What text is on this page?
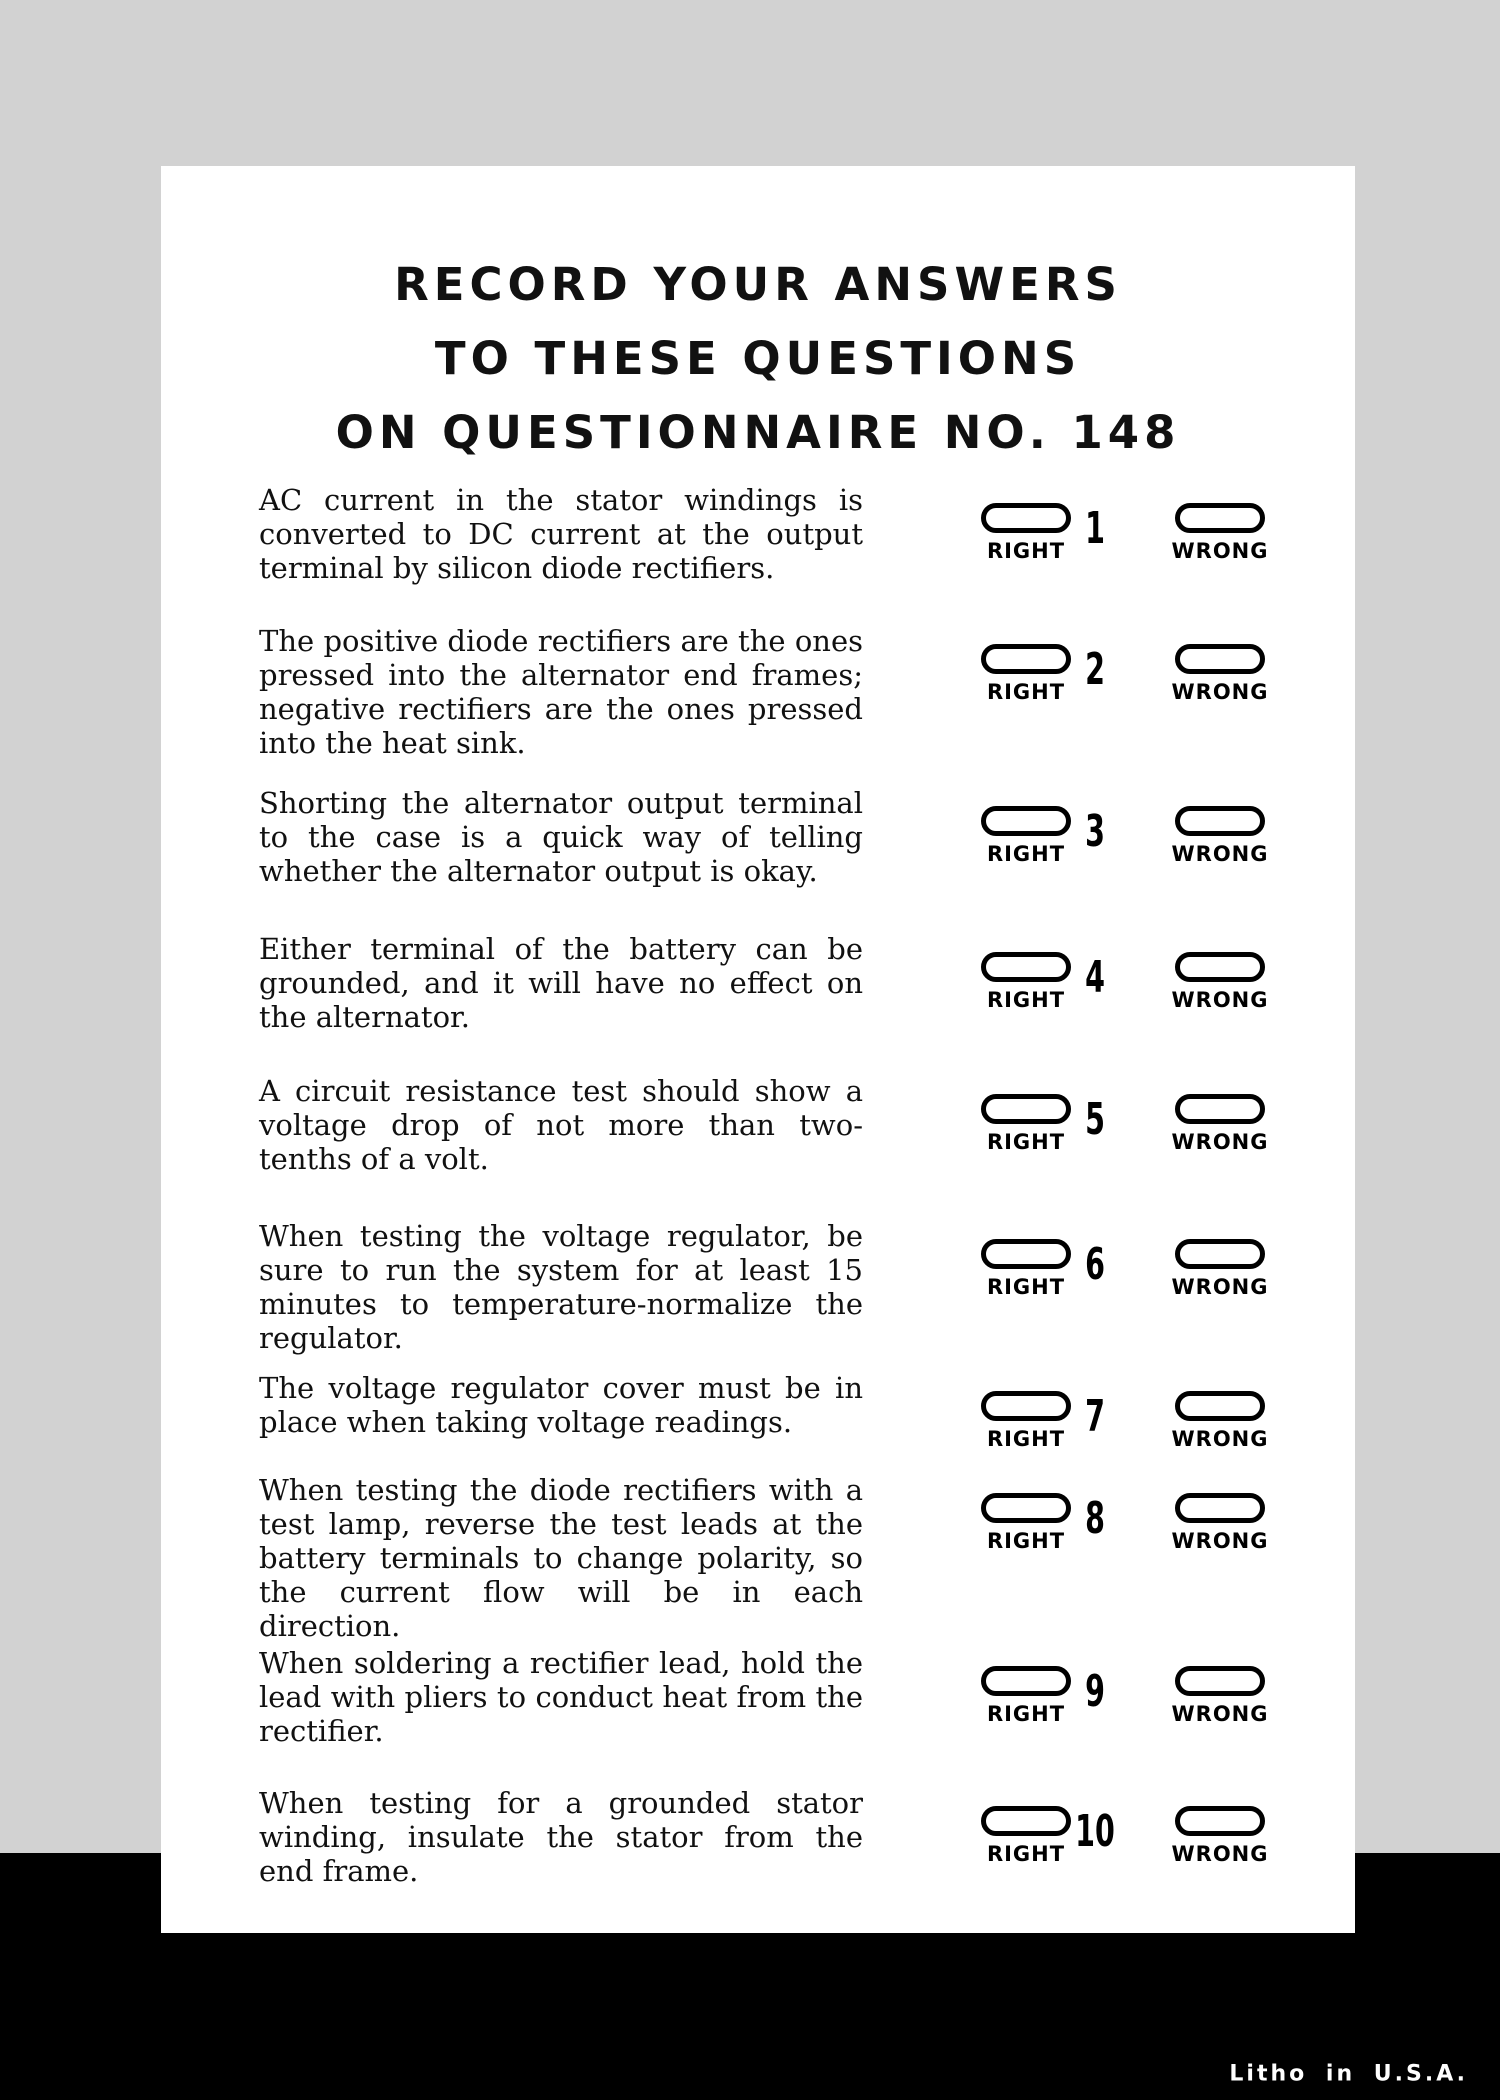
Litho in U.S.A.
RECORD YOUR ANSWERS
TO THESE QUESTIONS
ON QUESTIONNAIRE NO. 148
AC current in the stator windings is converted to DC current at the output terminal by silicon diode rectifiers.	RIGHT 1	WRONG
The positive diode rectifiers are the ones pressed into the alternator end frames; negative rectifiers are the ones pressed into the heat sink.
RIGHT 2	WRONG
Shorting the alternator output terminal to the case is a quick way of telling whether the alternator output is okay.	RIGHT 3	WRONG
Either terminal of the battery can be grounded, and it will have no effect on the alternator.	RIGHT 4	WRONG
A circuit resistance test should show a voltage drop of not more than two-tenths of a volt.	RIGHT 5	WRONG
When testing the voltage regulator, be sure to run the system for at least 15 minutes to temperature-normalize the regulator.
RIGHT 6	WRONG
The voltage regulator cover must be in place when taking voltage readings.	RIGHT 7	WRONG
When testing the diode rectifiers with a test lamp, reverse the test leads at the battery terminals to change polarity, so the current flow will be in each direction.
RIGHT 8	WRONG
When soldering a rectifier lead, hold the lead with pliers to conduct heat from the rectifier.	RIGHT 9	WRONG
When testing for a grounded stator winding, insulate the stator from the end frame.	RIGHT 10	WRONG
